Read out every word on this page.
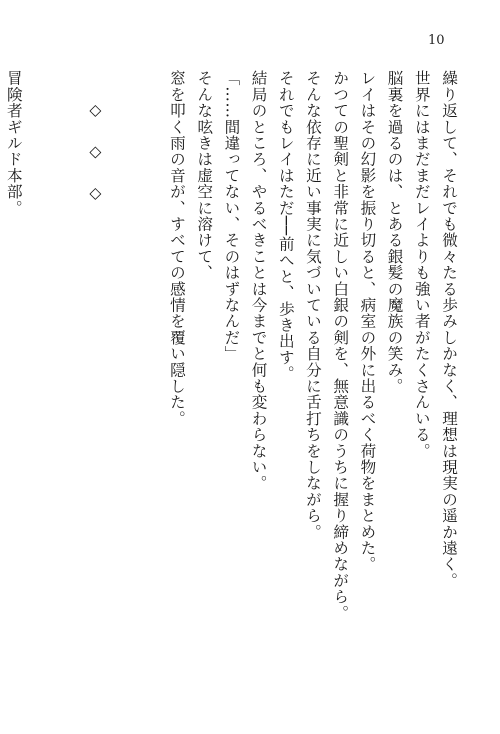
10
繰り返して、それでも微々たる歩みしかなく、理想は現実の遥か遠く。
世界にはまだまだレイよりも強い者がたくさんいる。
脳裏を過るのは、とある銀髪の魔族の笑み。
レイはその幻影を振り切ると、病室の外に出るべく荷物をまとめた。
かつての聖剣と非常に近しい白銀の剣を、無意識のうちに握り締めながら。
そんな依存に近い事実に気づいている自分に舌打ちをしながら。
それでもレイはただ──前へと、歩き出す。
結局のところ、やるべきことは今までと何も変わらない。
「……間違ってない、そのはずなんだ」
そんな呟きは虚空に溶けて、
窓を叩く雨の音が、すべての感情を覆い隠した。
◇　◇　◇
冒険者ギルド本部。
